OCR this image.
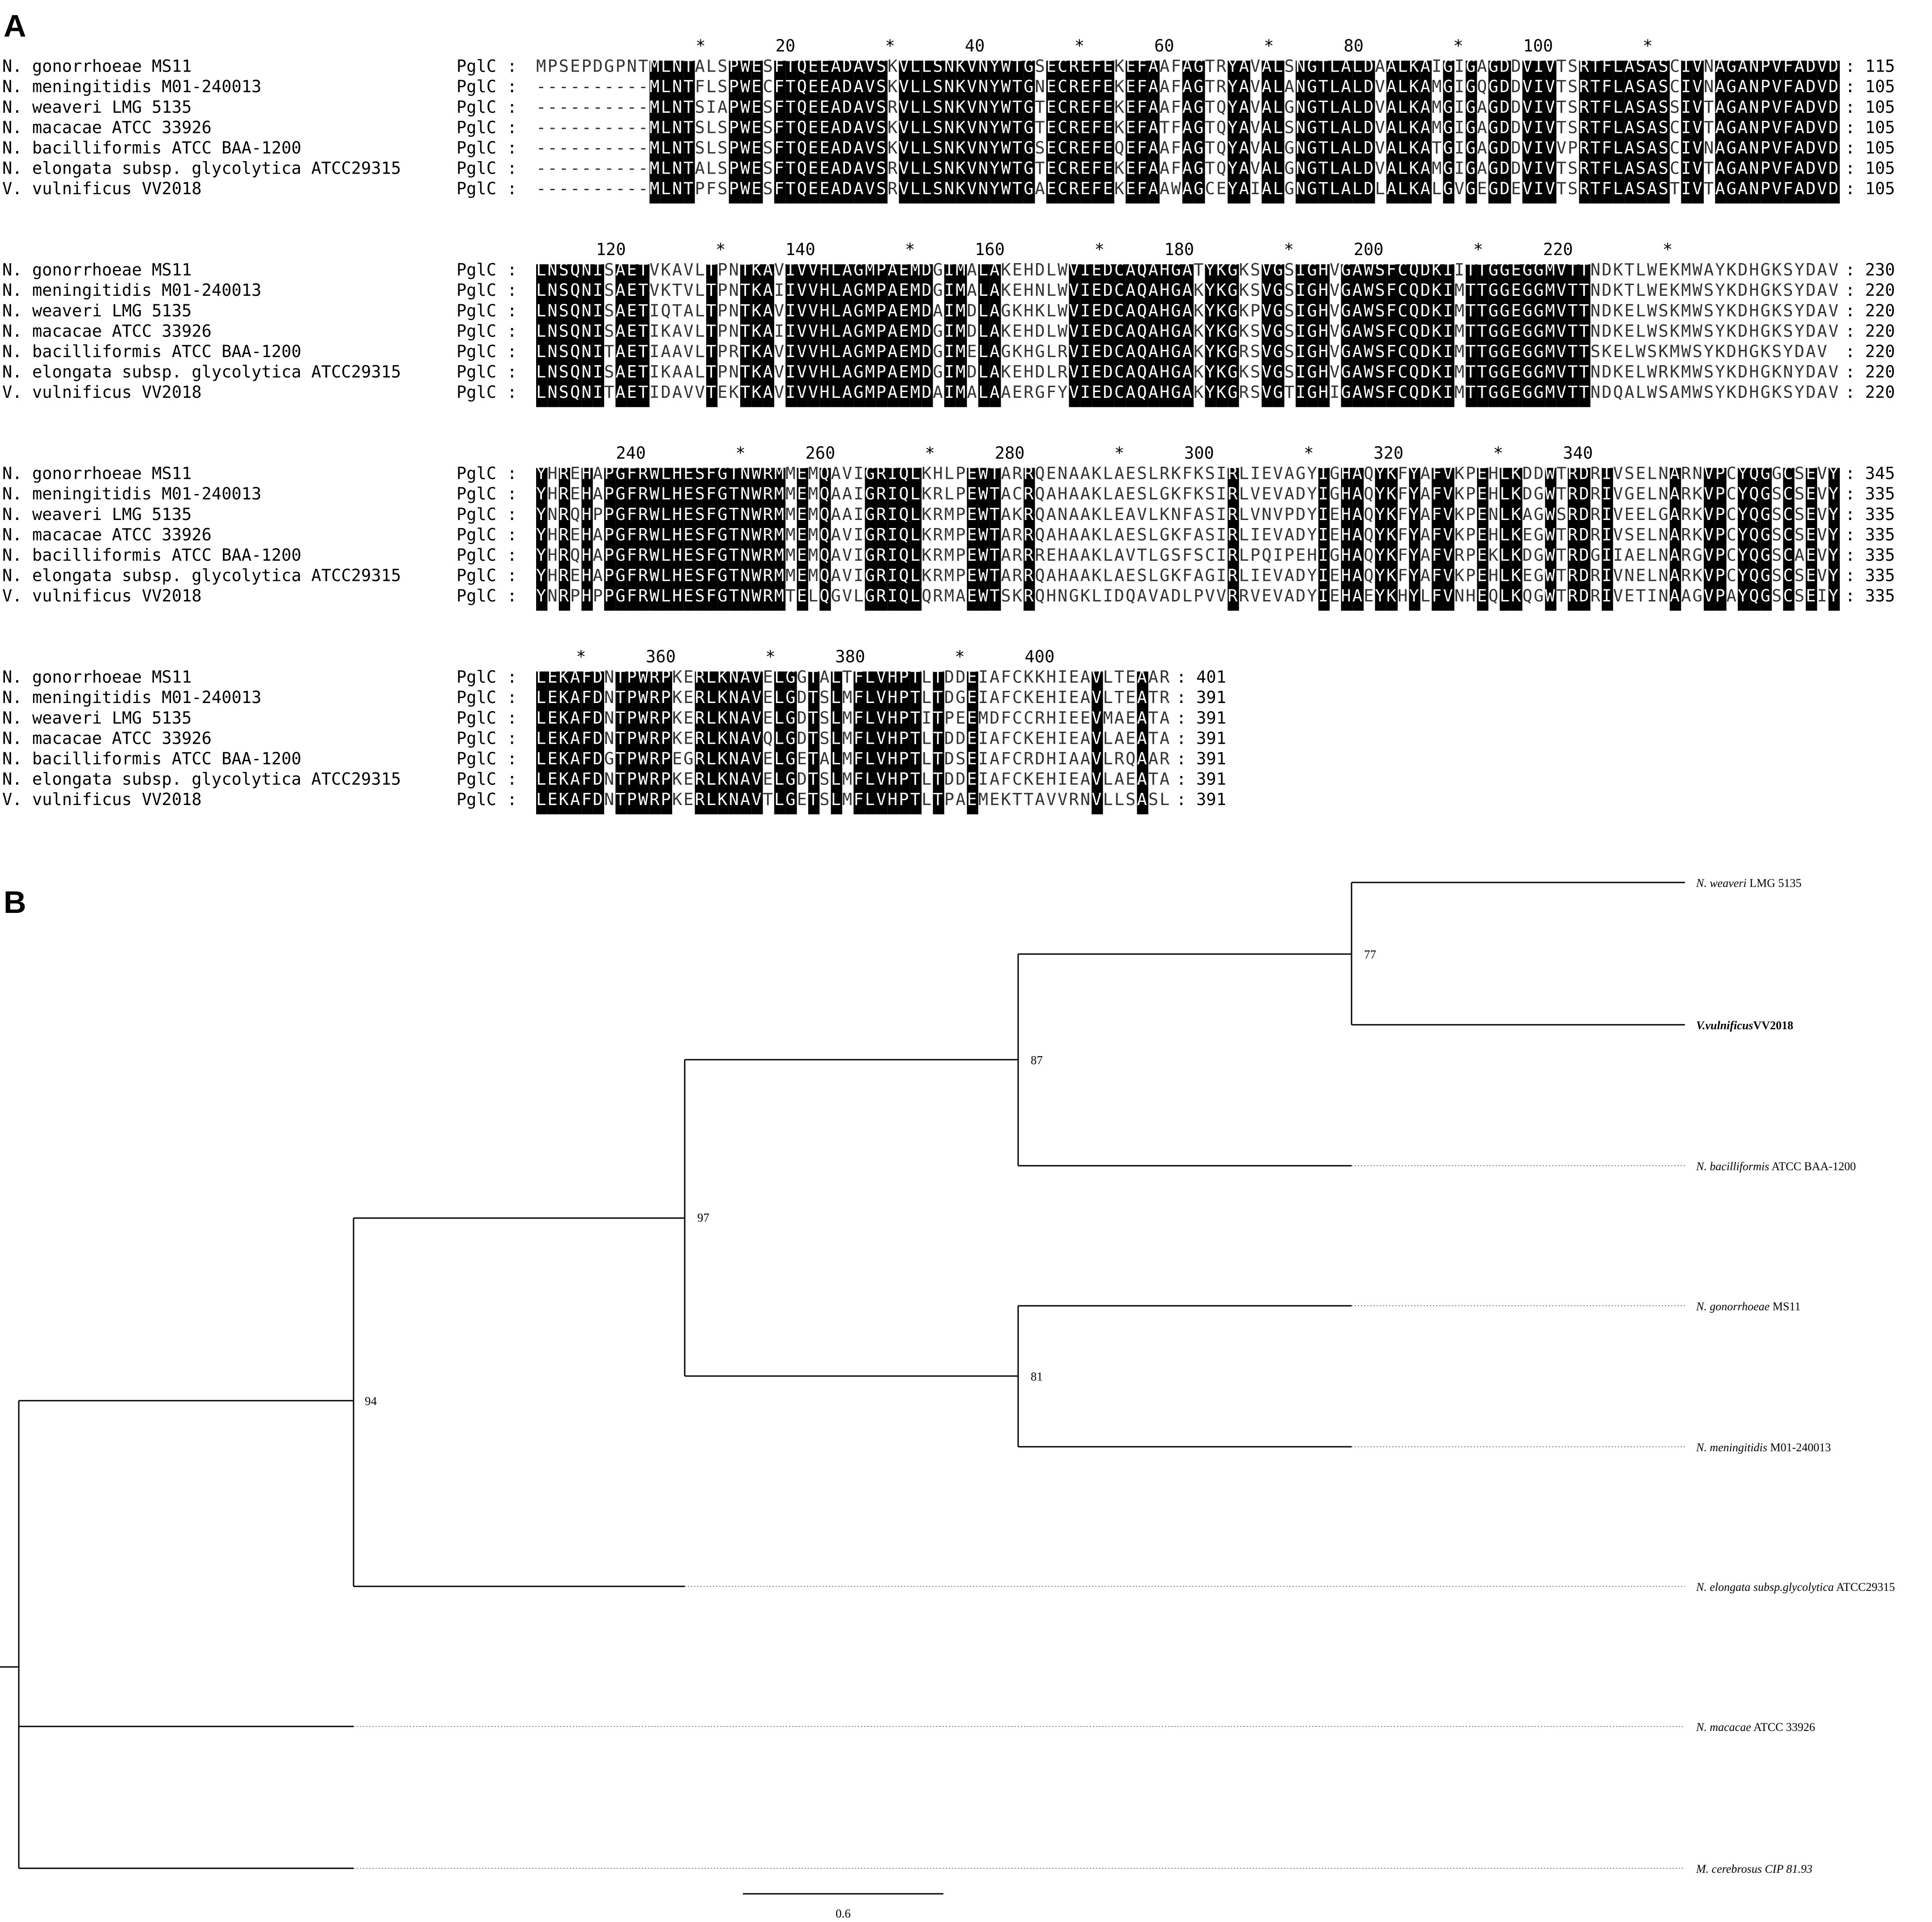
A
*       20         *       40         *       60         *       80         *      100         *
N. gonorrhoeae MS11	PglC : MPSEPDGPNTMLNTALSPWESFTQEEADAVSKVLLSNKVNYWTGSECREFEKEFAAFAGTRYAVALSNGTLALDAALKAIGIGAGDDVIVTSRTFLASASCIVNAGANPVFADVD : 115
N. meningitidis M01-240013	PglC : ----------MLNTFLSPWECFTQEEADAVSKVLLSNKVNYWTGNECREFEKEFAAFAGTRYAVALANGTLALDVALKAMGIGQGDDVIVTSRTFLASASCIVNAGANPVFADVD : 105
N. weaveri LMG 5135	PglC : ----------MLNTSIAPWESFTQEEADAVSRVLLSNKVNYWTGTECREFEKEFAAFAGTQYAVALGNGTLALDVALKAMGIGAGDDVIVTSRTFLASASSIVTAGANPVFADVD : 105
N. macacae ATCC 33926	PglC : ----------MLNTSLSPWESFTQEEADAVSKVLLSNKVNYWTGTECREFEKEFATFAGTQYAVALSNGTLALDVALKAMGIGAGDDVIVTSRTFLASASCIVTAGANPVFADVD : 105
N. bacilliformis ATCC BAA-1200	PglC : ----------MLNTSLSPWESFTQEEADAVSKVLLSNKVNYWTGSECREFEQEFAAFAGTQYAVALGNGTLALDVALKATGIGAGDDVIVVPRTFLASASCIVNAGANPVFADVD : 105
N. elongata subsp. glycolytica ATCC29315	PglC : ----------MLNTALSPWESFTQEEADAVSRVLLSNKVNYWTGTECREFEKEFAAFAGTQYAVALGNGTLALDVALKAMGIGAGDDVIVTSRTFLASASCIVTAGANPVFADVD : 105
V. vulnificus VV2018	PglC : ----------MLNTPFSPWESFTQEEADAVSRVLLSNKVNYWTGAECREFEKEFAAWAGCEYAIALGNGTLALDLALKALGVGEGDEVIVTSRTFLASASTIVTAGANPVFADVD : 105
120         *      140         *      160         *      180         *      200         *      220         *
N. gonorrhoeae MS11	PglC : LNSQNISAETVKAVLTPNTKAVIVVHLAGMPAEMDGIMALAKEHDLWVIEDCAQAHGATYKGKSVGSIGHVGAWSFCQDKIITTGGEGGMVTTNDKTLWEKMWAYKDHGKSYDAV : 230
N. meningitidis M01-240013	PglC : LNSQNISAETVKTVLTPNTKAIIVVHLAGMPAEMDGIMALAKEHNLWVIEDCAQAHGAKYKGKSVGSIGHVGAWSFCQDKIMTTGGEGGMVTTNDKTLWEKMWSYKDHGKSYDAV : 220
N. weaveri LMG 5135	PglC : LNSQNISAETIQTALTPNTKAVIVVHLAGMPAEMDAIMDLAGKHKLWVIEDCAQAHGAKYKGKPVGSIGHVGAWSFCQDKIMTTGGEGGMVTTNDKELWSKMWSYKDHGKSYDAV : 220
N. macacae ATCC 33926	PglC : LNSQNISAETIKAVLTPNTKAIIVVHLAGMPAEMDGIMDLAKEHDLWVIEDCAQAHGAKYKGKSVGSIGHVGAWSFCQDKIMTTGGEGGMVTTNDKELWSKMWSYKDHGKSYDAV : 220
N. bacilliformis ATCC BAA-1200	PglC : LNSQNITAETIAAVLTPRTKAVIVVHLAGMPAEMDGIMELAGKHGLRVIEDCAQAHGAKYKGRSVGSIGHVGAWSFCQDKIMTTGGEGGMVTTSKELWSKMWSYKDHGKSYDAV : 220
N. elongata subsp. glycolytica ATCC29315	PglC : LNSQNISAETIKAALTPNTKAVIVVHLAGMPAEMDGIMDLAKEHDLRVIEDCAQAHGAKYKGKSVGSIGHVGAWSFCQDKIMTTGGEGGMVTTNDKELWRKMWSYKDHGKNYDAV : 220
V. vulnificus VV2018	PglC : LNSQNITAETIDAVVTEKTKAVIVVHLAGMPAEMDAIMALAAERGFYVIEDCAQAHGAKYKGRSVGTIGHIGAWSFCQDKIMTTGGEGGMVTTNDQALWSAMWSYKDHGKSYDAV : 220
240         *      260         *      280         *      300         *      320         *      340
N. gonorrhoeae MS11	PglC : YHREHAPGFRWLHESFGTNWRMMEMQAVIGRIQLKHLPEWTARRQENAAKLAESLRKFKSIRLIEVAGYIGHAQYKFYAFVKPEHLKDDWTRDRIVSELNARNVPCYQGGCSEVY : 345
N. meningitidis M01-240013	PglC : YHREHAPGFRWLHESFGTNWRMMEMQAAIGRIQLKRLPEWTACRQAHAAKLAESLGKFKSIRLVEVADYIGHAQYKFYAFVKPEHLKDGWTRDRIVGELNARKVPCYQGSCSEVY : 335
N. weaveri LMG 5135	PglC : YNRQHPPGFRWLHESFGTNWRMMEMQAAIGRIQLKRMPEWTAKRQANAAKLEAVLKNFASIRLVNVPDYIEHAQYKFYAFVKPENLKAGWSRDRIVEELGARKVPCYQGSCSEVY : 335
N. macacae ATCC 33926	PglC : YHREHAPGFRWLHESFGTNWRMMEMQAVIGRIQLKRMPEWTARRQAHAAKLAESLGKFASIRLIEVADYIEHAQYKFYAFVKPEHLKEGWTRDRIVSELNARKVPCYQGSCSEVY : 335
N. bacilliformis ATCC BAA-1200	PglC : YHRQHAPGFRWLHESFGTNWRMMEMQAVIGRIQLKRMPEWTARRREHAAKLAVTLGSFSCIRLPQIPEHIGHAQYKFYAFVRPEKLKDGWTRDGIIAELNARGVPCYQGSCAEVY : 335
N. elongata subsp. glycolytica ATCC29315	PglC : YHREHAPGFRWLHESFGTNWRMMEMQAVIGRIQLKRMPEWTARRQAHAAKLAESLGKFAGIRLIEVADYIEHAQYKFYAFVKPEHLKEGWTRDRIVNELNARKVPCYQGSCSEVY : 335
V. vulnificus VV2018	PglC : YNRPHPPGFRWLHESFGTNWRMTELQGVLGRIQLQRMAEWTSKRQHNGKLIDQAVADLPVVRRVEVADYIEHAEYKHYLFVNHEQLKQGWTRDRIVETINAAGVPAYQGSCSEIY : 335
*      360         *      380         *      400
N. gonorrhoeae MS11	PglC : LEKAFDNTPWRPKERLKNAVELGGTALTFLVHPTLTDDEIAFCKKHIEAVLTEAAR : 401
N. meningitidis M01-240013	PglC : LEKAFDNTPWRPKERLKNAVELGDTSLMFLVHPTLTDGEIAFCKEHIEAVLTEATR : 391
N. weaveri LMG 5135	PglC : LEKAFDNTPWRPKERLKNAVELGDTSLMFLVHPTITPEEMDFCCRHIEEVMAEATA : 391
N. macacae ATCC 33926	PglC : LEKAFDNTPWRPKERLKNAVQLGDTSLMFLVHPTLTDDEIAFCKEHIEAVLAEATA : 391
N. bacilliformis ATCC BAA-1200	PglC : LEKAFDGTPWRPEGRLKNAVELGETALMFLVHPTLTDSEIAFCRDHIAAVLRQAAR : 391
N. elongata subsp. glycolytica ATCC29315	PglC : LEKAFDNTPWRPKERLKNAVELGDTSLMFLVHPTLTDDEIAFCKEHIEAVLAEATA : 391
V. vulnificus VV2018	PglC : LEKAFDNTPWRPKERLKNAVTLGETSLMFLVHPTLTPAEMEKTTAVVRNVLLSASL : 391
B
77
87
97
81
94
N. weaveri LMG 5135
V.vulnificusVV2018
N. bacilliformis ATCC BAA-1200
N. gonorrhoeae MS11
N. meningitidis M01-240013
N. elongata subsp.glycolytica ATCC29315
N. macacae ATCC 33926
M. cerebrosus CIP 81.93
0.6
